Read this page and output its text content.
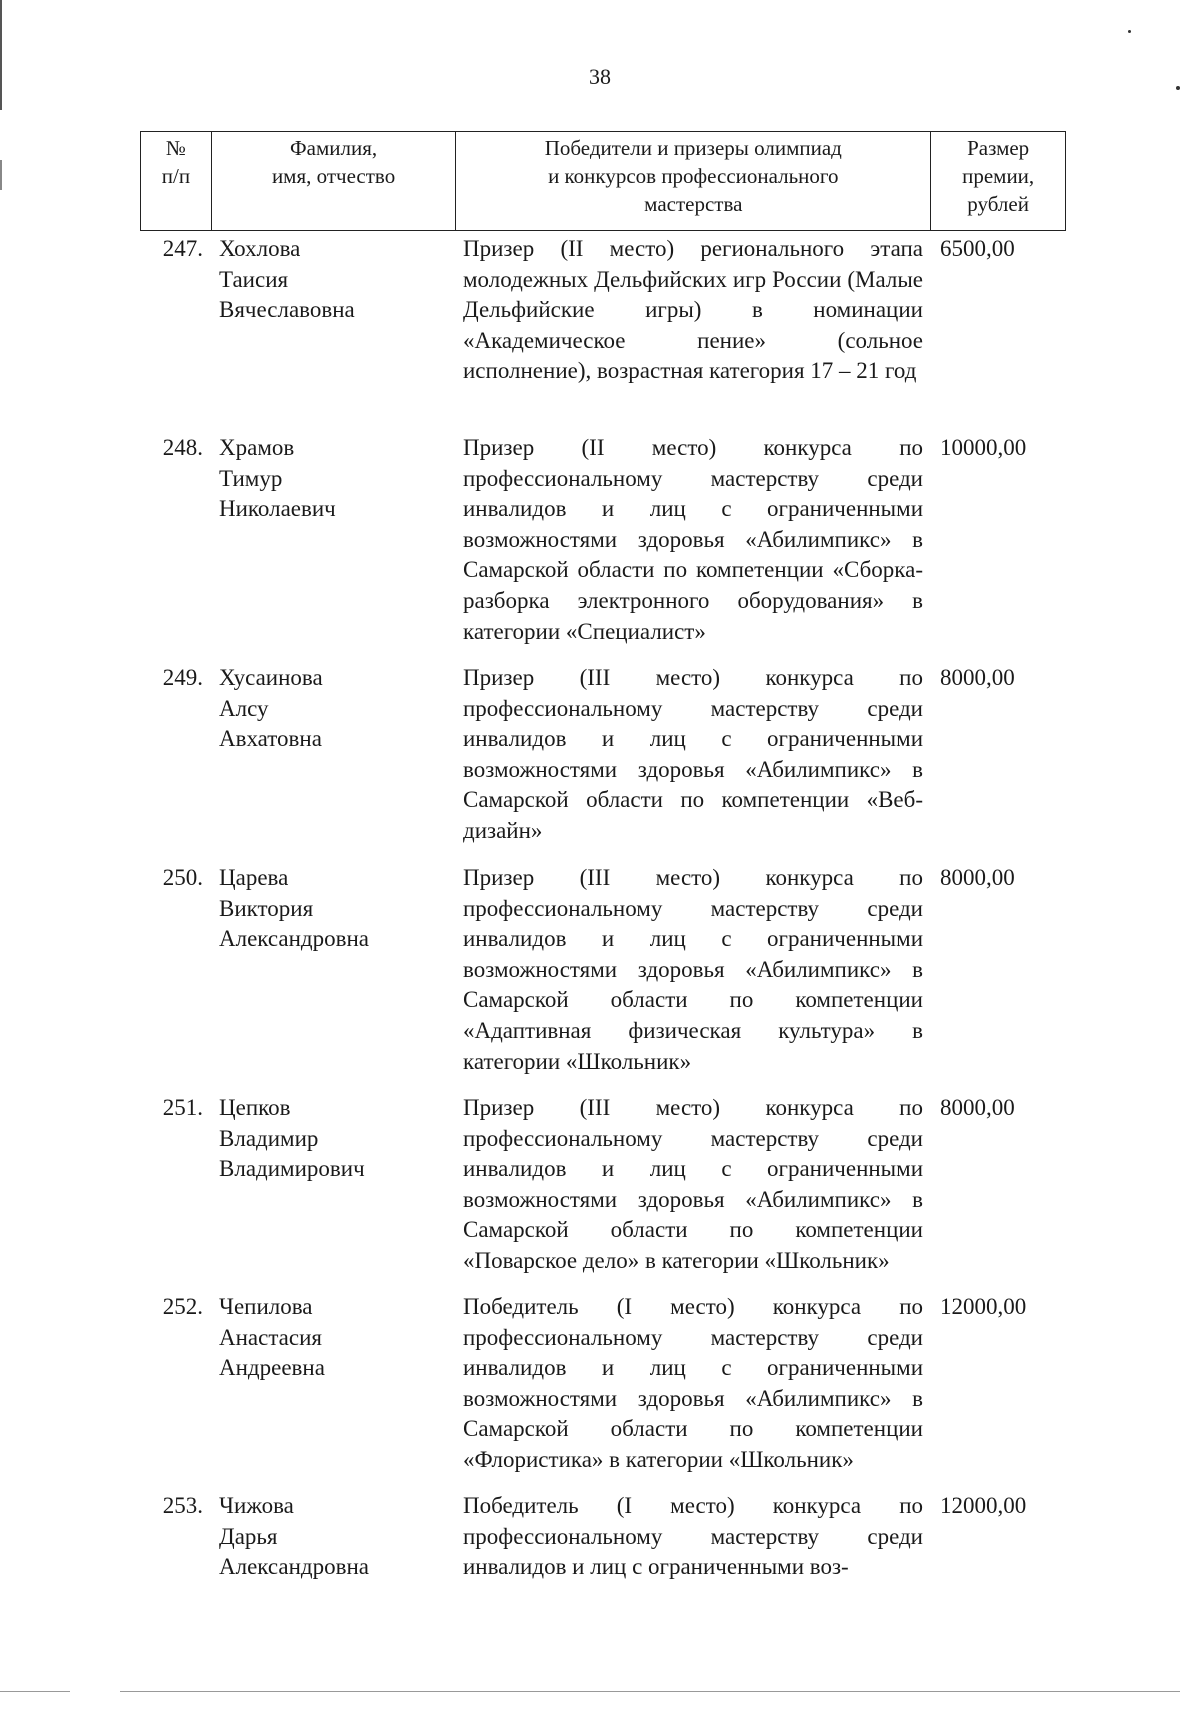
38
№
п/п
Фамилия,
имя, отчество
Победители и призеры олимпиад
и конкурсов профессионального
мастерства
Размер
премии,
рублей
247. Хохлова
Таисия
Вячеславовна
Призер (II место) регионального этапа молодежных Дельфийских игр России (Малые Дельфийские игры) в номинации «Академическое пение» (сольное исполнение), возрастная категория 17 – 21 год
6500,00
248. Храмов
Тимур
Николаевич
Призер (II место) конкурса по профессиональному мастерству среди инвалидов и лиц с ограниченными возможностями здоровья «Абилимпикс» в Самарской области по компетенции «Сборка-разборка электронного оборудования» в категории «Специалист»
10000,00
249. Хусаинова
Алсу
Авхатовна
Призер (III место) конкурса по профессиональному мастерству среди инвалидов и лиц с ограниченными возможностями здоровья «Абилимпикс» в Самарской области по компетенции «Веб-дизайн»
8000,00
250. Царева
Виктория
Александровна
Призер (III место) конкурса по профессиональному мастерству среди инвалидов и лиц с ограниченными возможностями здоровья «Абилимпикс» в Самарской области по компетенции «Адаптивная физическая культура» в категории «Школьник»
8000,00
251. Цепков
Владимир
Владимирович
Призер (III место) конкурса по профессиональному мастерству среди инвалидов и лиц с ограниченными возможностями здоровья «Абилимпикс» в Самарской области по компетенции «Поварское дело» в категории «Школьник»
8000,00
252. Чепилова
Анастасия
Андреевна
Победитель (I место) конкурса по профессиональному мастерству среди инвалидов и лиц с ограниченными возможностями здоровья «Абилимпикс» в Самарской области по компетенции «Флористика» в категории «Школьник»
12000,00
253. Чижова
Дарья
Александровна
Победитель (I место) конкурса по профессиональному мастерству среди инвалидов и лиц с ограниченными воз-
12000,00
